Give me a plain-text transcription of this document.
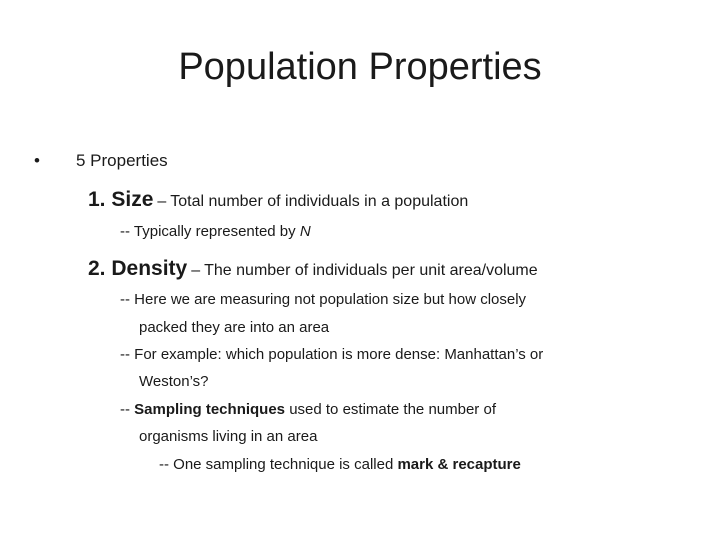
Population Properties
• 5 Properties

1. Size – Total number of individuals in a population

-- Typically represented by N

2. Density – The number of individuals per unit area/volume

-- Here we are measuring not population size but how closely

packed they are into an area

-- For example: which population is more dense: Manhattan’s or

Weston’s?

-- Sampling techniques used to estimate the number of

organisms living in an area

-- One sampling technique is called mark & recapture
